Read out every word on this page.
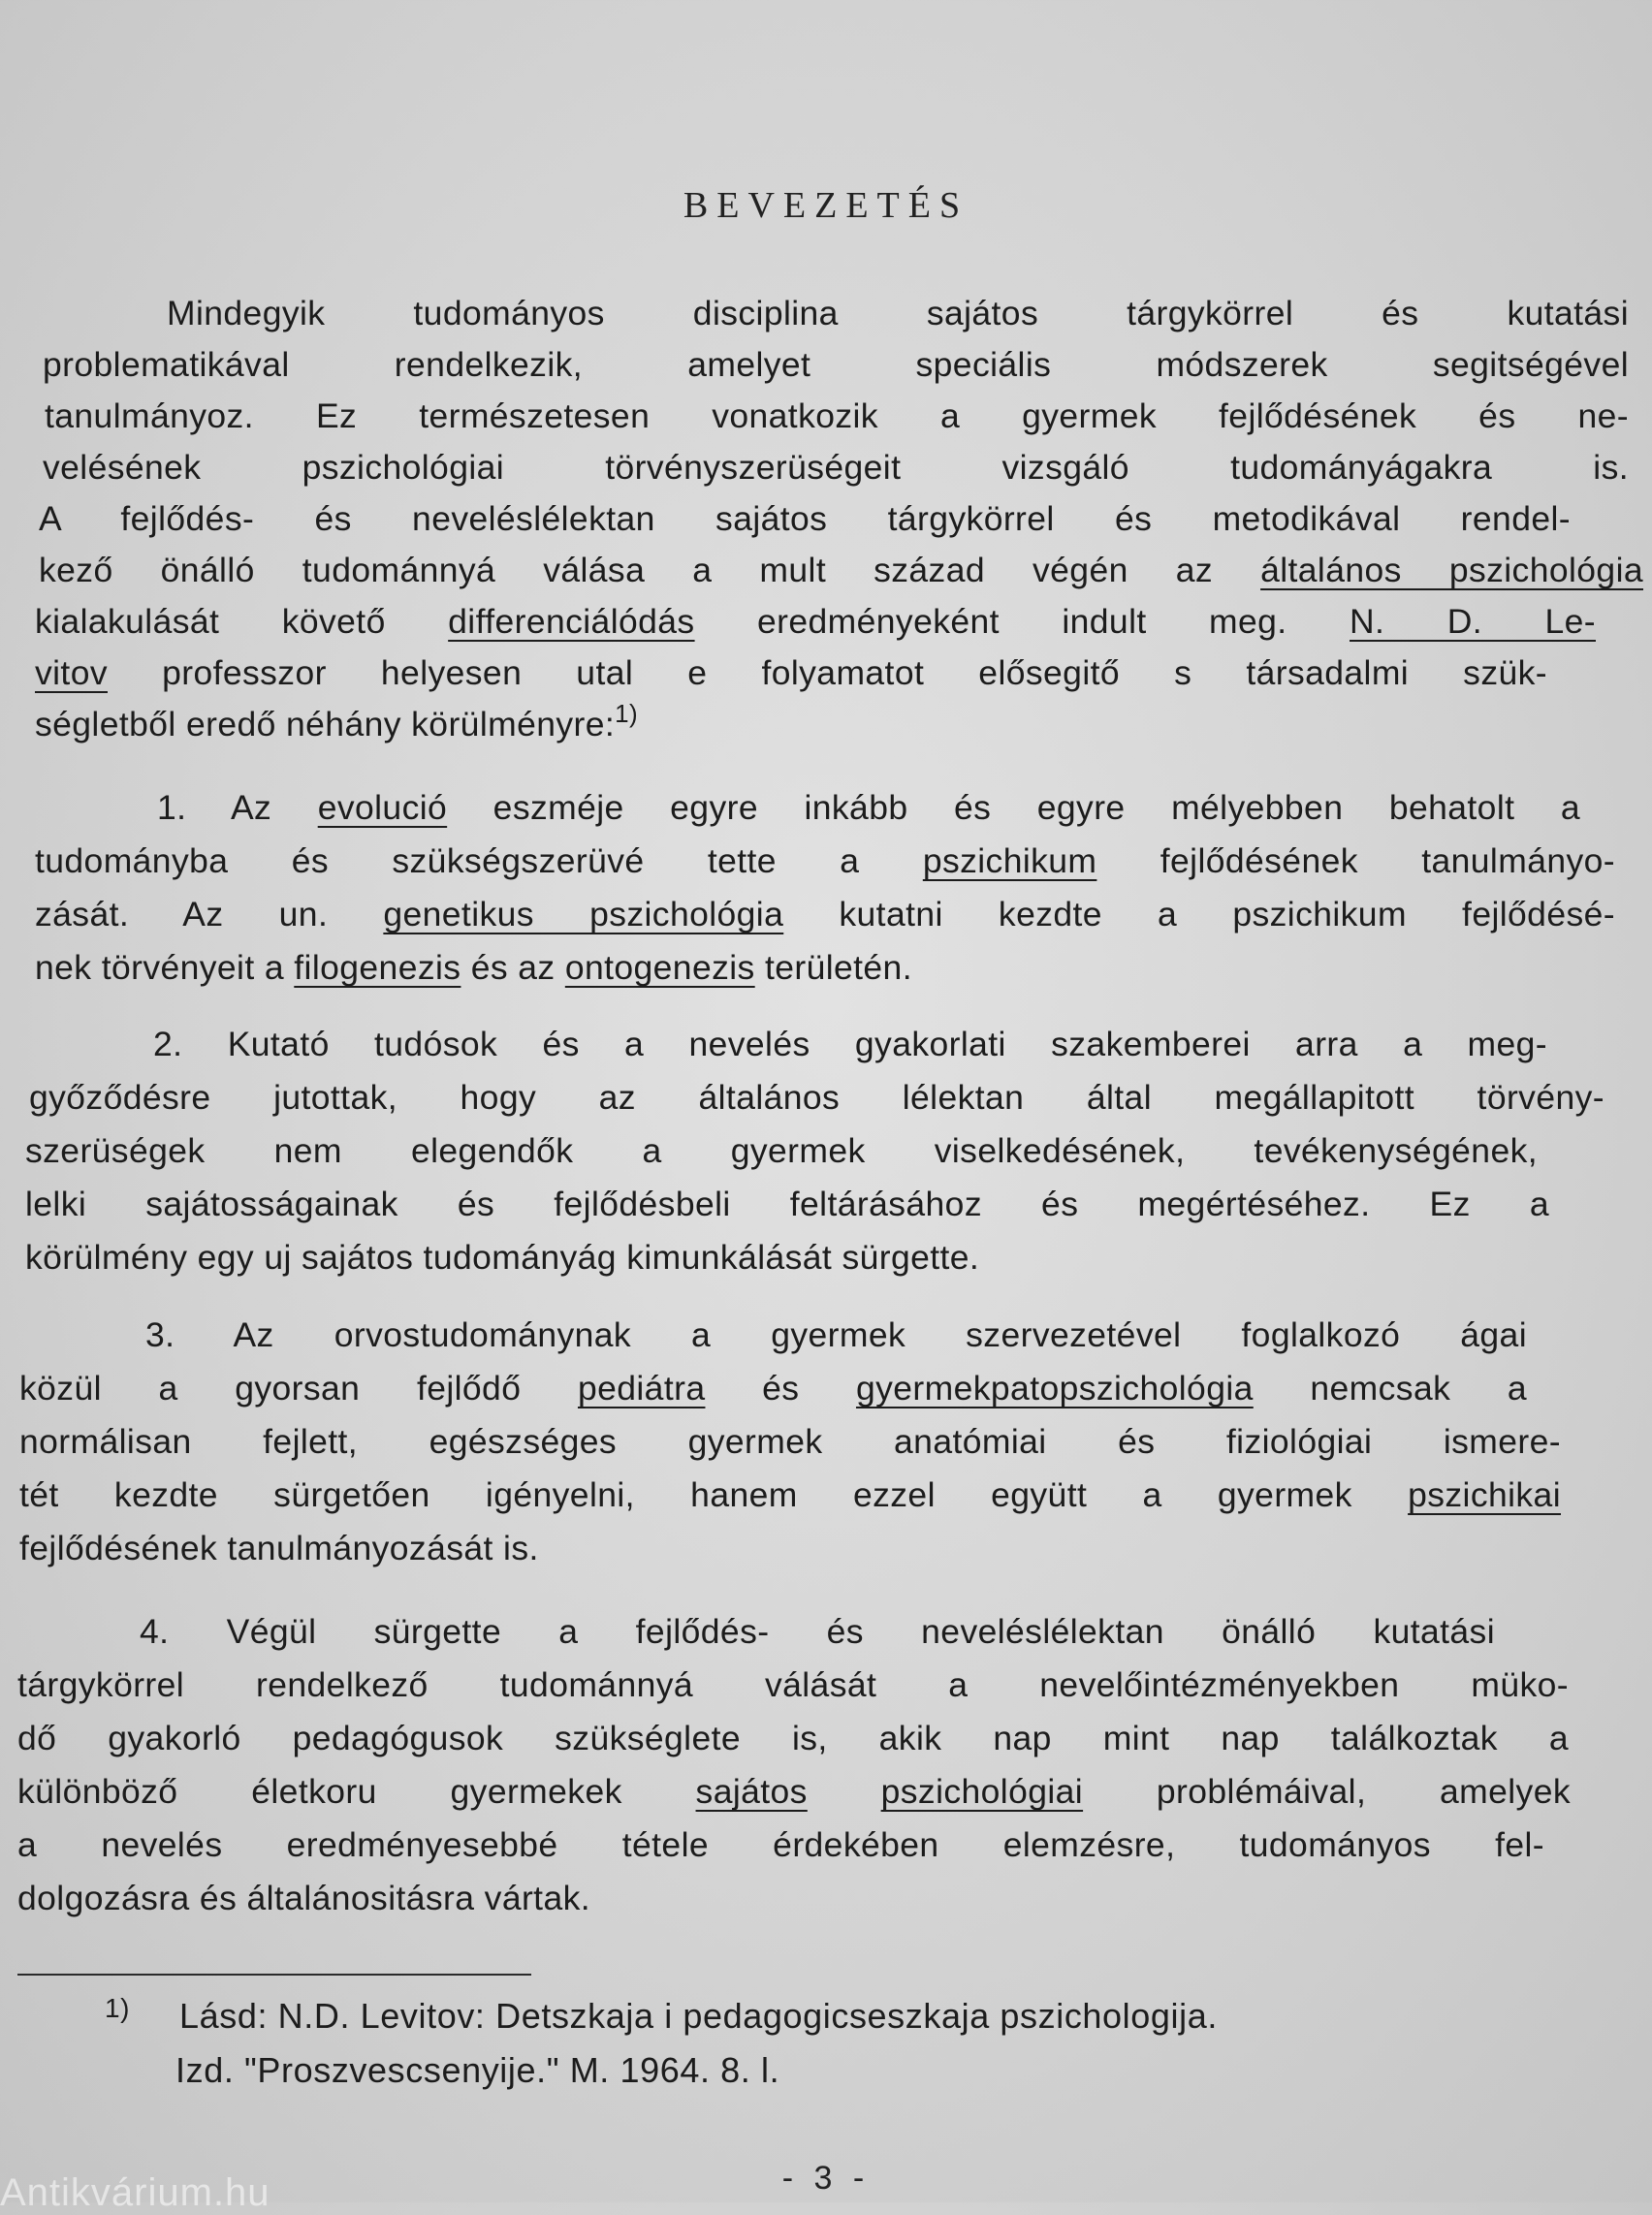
BEVEZETÉS
Mindegyik tudományos disciplina sajátos tárgykörrel és kutatási
problematikával rendelkezik, amelyet speciális módszerek segitségével
tanulmányoz. Ez természetesen vonatkozik a gyermek fejlődésének és ne-
velésének pszichológiai törvényszerüségeit vizsgáló tudományágakra is.
A fejlődés- és neveléslélektan sajátos tárgykörrel és metodikával rendel-
kező önálló tudománnyá válása a mult század végén az általános pszichológia
kialakulását követő differenciálódás eredményeként indult meg. N. D. Le-
vitov professzor helyesen utal e folyamatot elősegitő s társadalmi szük-
ségletből eredő néhány körülményre:$^{1)}$
1. Az evolució eszméje egyre inkább és egyre mélyebben behatolt a
tudományba és szükségszerüvé tette a pszichikum fejlődésének tanulmányo-
zását. Az un. genetikus pszichológia kutatni kezdte a pszichikum fejlődésé-
nek törvényeit a filogenezis és az ontogenezis területén.
2. Kutató tudósok és a nevelés gyakorlati szakemberei arra a meg-
győződésre jutottak, hogy az általános lélektan által megállapitott törvény-
szerüségek nem elegendők a gyermek viselkedésének, tevékenységének,
lelki sajátosságainak és fejlődésbeli feltárásához és megértéséhez. Ez a
körülmény egy uj sajátos tudományág kimunkálását sürgette.
3. Az orvostudománynak a gyermek szervezetével foglalkozó ágai
közül a gyorsan fejlődő pediátra és gyermekpatopszichológia nemcsak a
normálisan fejlett, egészséges gyermek anatómiai és fiziológiai ismere-
tét kezdte sürgetően igényelni, hanem ezzel együtt a gyermek pszichikai
fejlődésének tanulmányozását is.
4. Végül sürgette a fejlődés- és neveléslélektan önálló kutatási
tárgykörrel rendelkező tudománnyá válását a nevelőintézményekben müko-
dő gyakorló pedagógusok szükséglete is, akik nap mint nap találkoztak a
különböző életkoru gyermekek sajátos pszichológiai problémáival, amelyek
a nevelés eredményesebbé tétele érdekében elemzésre, tudományos fel-
dolgozásra és általánositásra vártak.
1) Lásd: N.D. Levitov: Detszkaja i pedagogicseszkaja pszichologija.
Izd. "Proszvescsenyije." M. 1964. 8. l.
- 3 -
Antikvárium.hu
